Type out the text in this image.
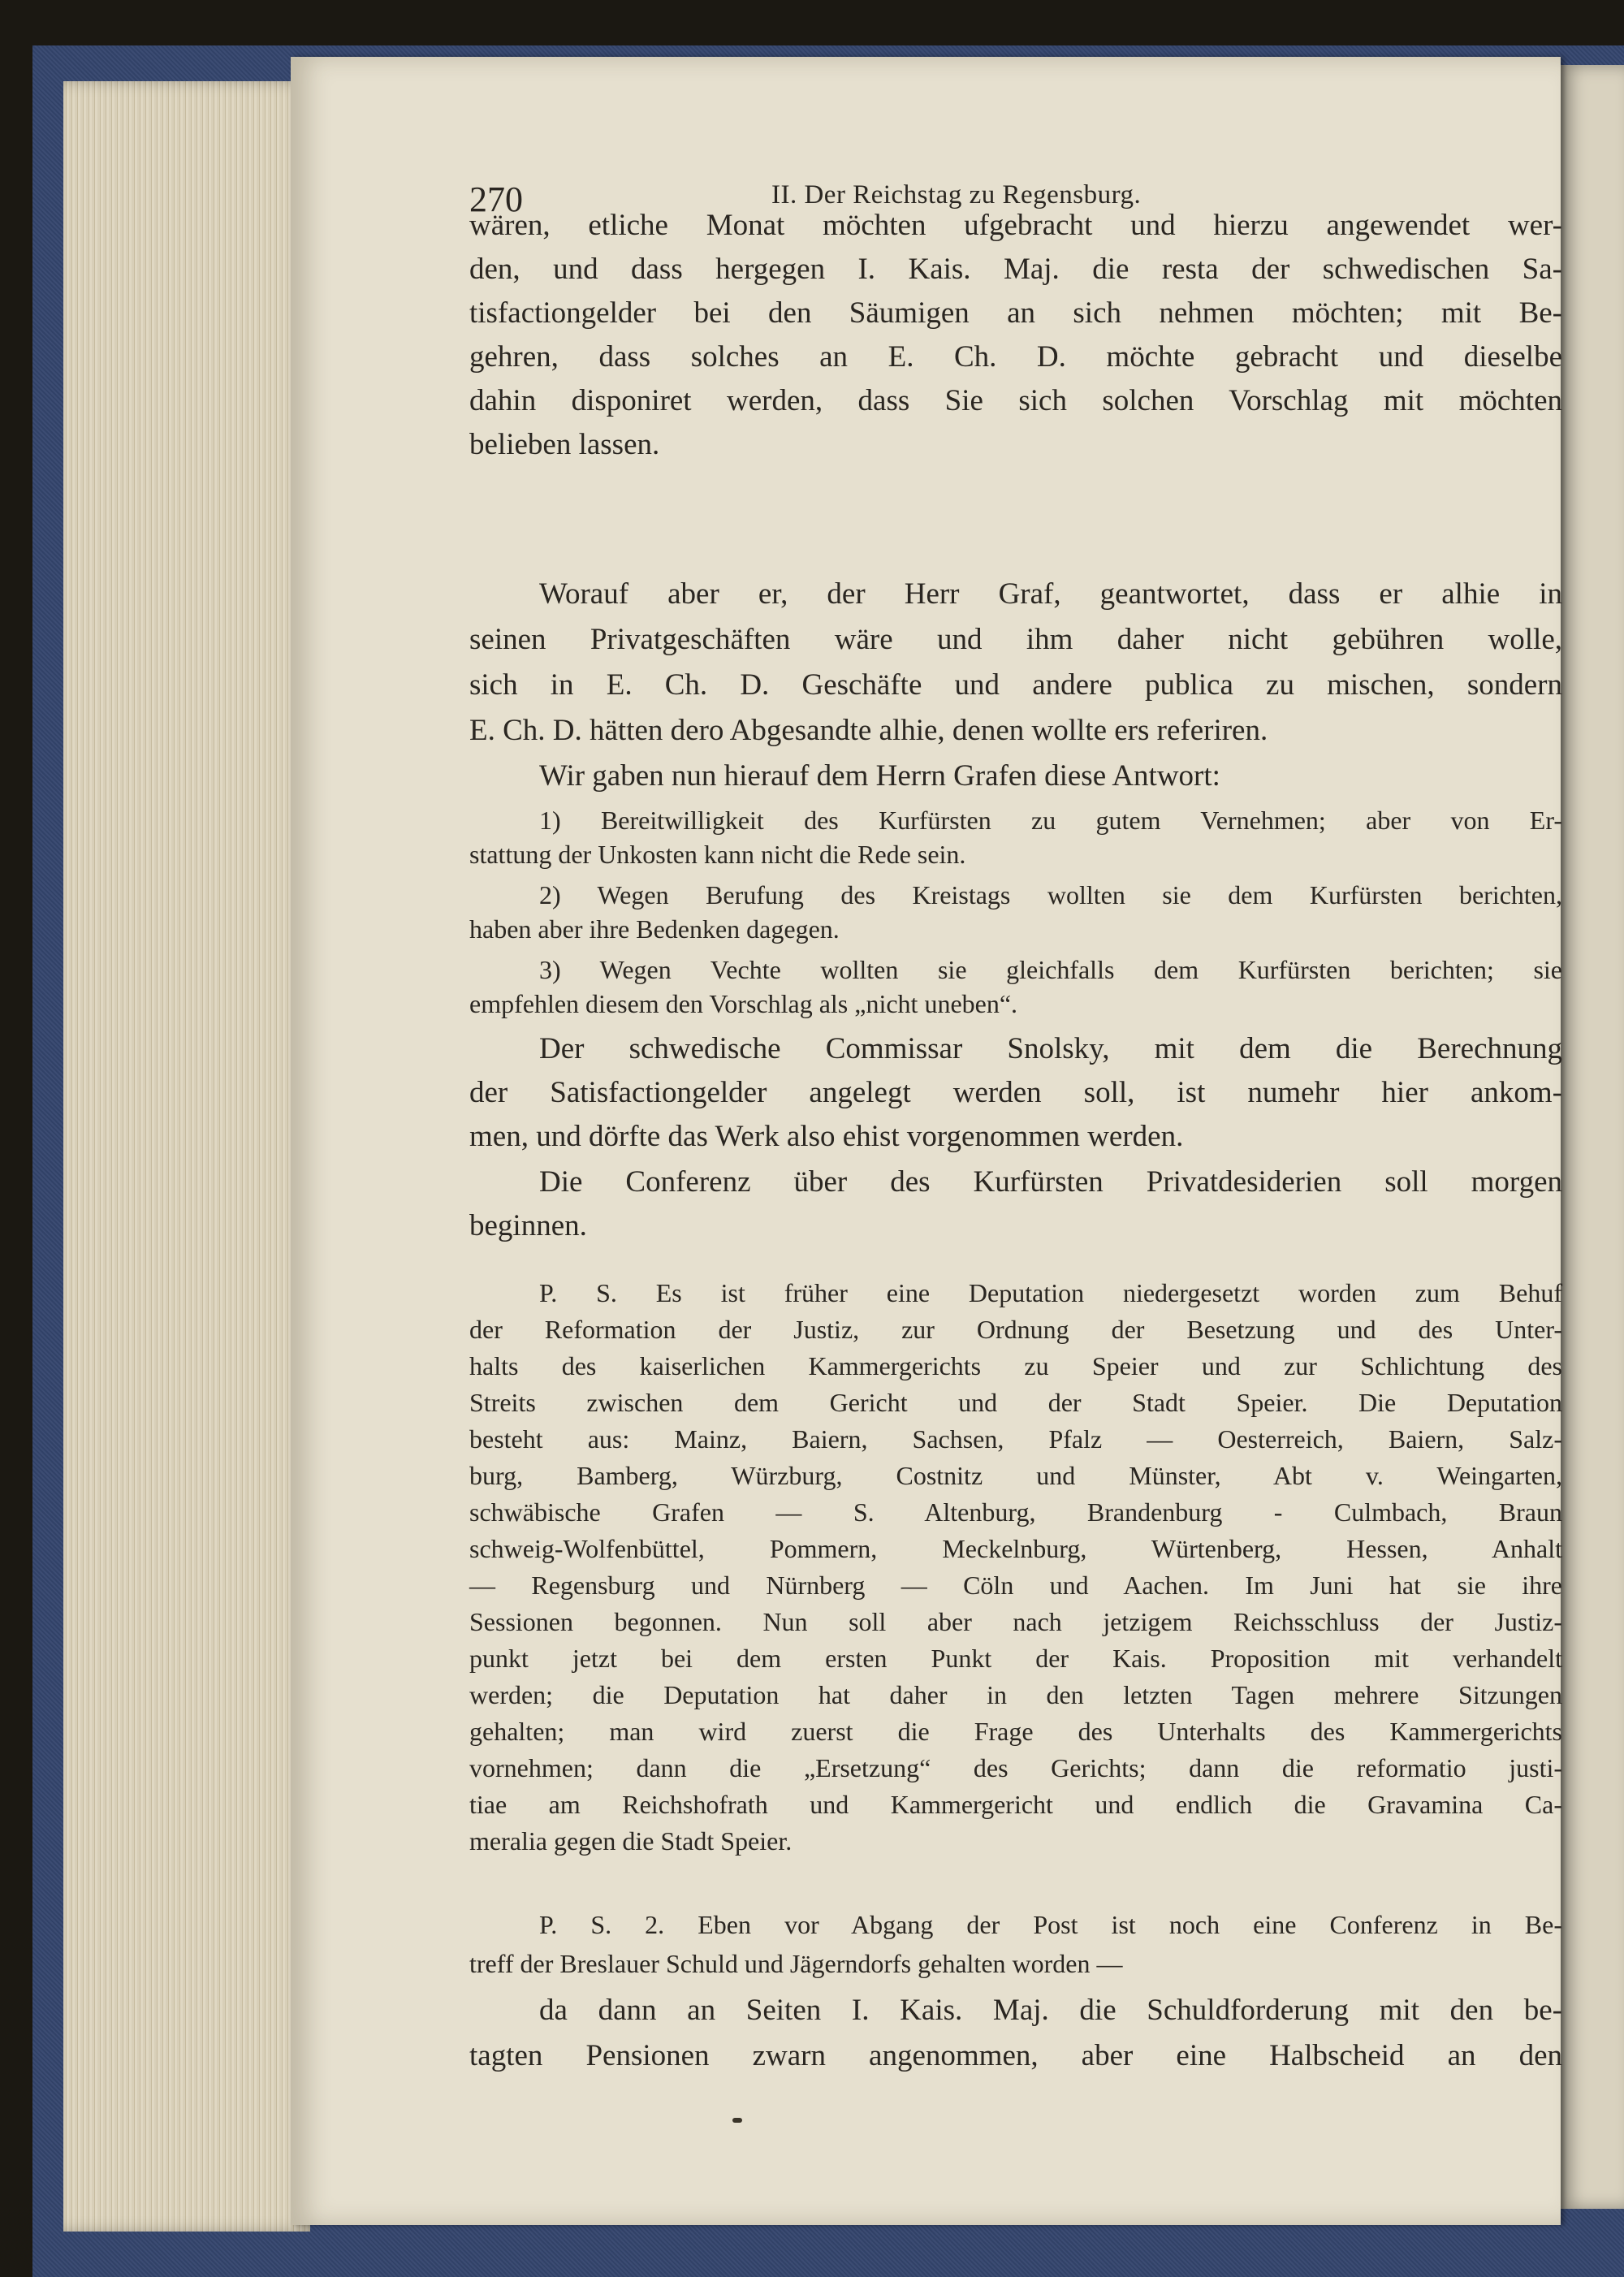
270	II. Der Reichstag zu Regensburg.
wären, etliche Monat möchten ufgebracht und hierzu angewendet wer-
den, und dass hergegen I. Kais. Maj. die resta der schwedischen Sa-
tisfactiongelder bei den Säumigen an sich nehmen möchten; mit Be-
gehren, dass solches an E. Ch. D. möchte gebracht und dieselbe
dahin disponiret werden, dass Sie sich solchen Vorschlag mit möchten
belieben lassen.
Worauf aber er, der Herr Graf, geantwortet, dass er alhie in
seinen Privatgeschäften wäre und ihm daher nicht gebühren wolle,
sich in E. Ch. D. Geschäfte und andere publica zu mischen, sondern
E. Ch. D. hätten dero Abgesandte alhie, denen wollte ers referiren.
Wir gaben nun hierauf dem Herrn Grafen diese Antwort:
1) Bereitwilligkeit des Kurfürsten zu gutem Vernehmen; aber von Er-
stattung der Unkosten kann nicht die Rede sein.
2) Wegen Berufung des Kreistags wollten sie dem Kurfürsten berichten,
haben aber ihre Bedenken dagegen.
3) Wegen Vechte wollten sie gleichfalls dem Kurfürsten berichten; sie
empfehlen diesem den Vorschlag als „nicht uneben“.
Der schwedische Commissar Snolsky, mit dem die Berechnung
der Satisfactiongelder angelegt werden soll, ist numehr hier ankom-
men, und dörfte das Werk also ehist vorgenommen werden.
Die Conferenz über des Kurfürsten Privatdesiderien soll morgen
beginnen.
P. S. Es ist früher eine Deputation niedergesetzt worden zum Behuf
der Reformation der Justiz, zur Ordnung der Besetzung und des Unter-
halts des kaiserlichen Kammergerichts zu Speier und zur Schlichtung des
Streits zwischen dem Gericht und der Stadt Speier. Die Deputation
besteht aus: Mainz, Baiern, Sachsen, Pfalz — Oesterreich, Baiern, Salz-
burg, Bamberg, Würzburg, Costnitz und Münster, Abt v. Weingarten,
schwäbische Grafen — S. Altenburg, Brandenburg - Culmbach, Braun
schweig-Wolfenbüttel, Pommern, Meckelnburg, Würtenberg, Hessen, Anhalt
— Regensburg und Nürnberg — Cöln und Aachen. Im Juni hat sie ihre
Sessionen begonnen. Nun soll aber nach jetzigem Reichsschluss der Justiz-
punkt jetzt bei dem ersten Punkt der Kais. Proposition mit verhandelt
werden; die Deputation hat daher in den letzten Tagen mehrere Sitzungen
gehalten; man wird zuerst die Frage des Unterhalts des Kammergerichts
vornehmen; dann die „Ersetzung“ des Gerichts; dann die reformatio justi-
tiae am Reichshofrath und Kammergericht und endlich die Gravamina Ca-
meralia gegen die Stadt Speier.
P. S. 2. Eben vor Abgang der Post ist noch eine Conferenz in Be-
treff der Breslauer Schuld und Jägerndorfs gehalten worden —
da dann an Seiten I. Kais. Maj. die Schuldforderung mit den be-
tagten Pensionen zwarn angenommen, aber eine Halbscheid an den
